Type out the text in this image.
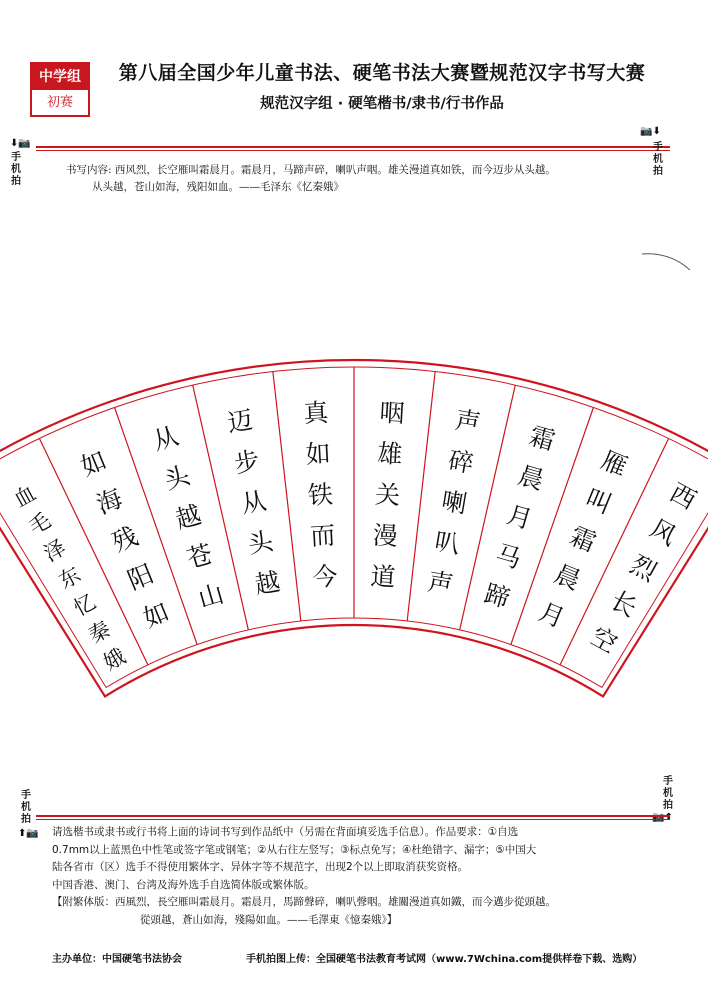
中学组
初赛
第八届全国少年儿童书法、硬笔书法大赛暨规范汉字书写大赛
规范汉字组 · 硬笔楷书/隶书/行书作品
⬇📷
手
机
拍
📷⬇
手
机
拍
书写内容: 西风烈，长空雁叫霜晨月。霜晨月，马蹄声碎，喇叭声咽。雄关漫道真如铁，而今迈步从头越。
从头越，苍山如海，残阳如血。——毛泽东《忆秦娥》
西
风
烈
长
空
雁
叫
霜
晨
月
霜
晨
月
马
蹄
声
碎
喇
叭
声
咽
雄
关
漫
道
真
如
铁
而
今
迈
步
从
头
越
从
头
越
苍
山
如
海
残
阳
如
血
毛
泽
东
忆
秦
娥
手
机
拍
⬆📷
手
机
拍
📷⬆

请选楷书或隶书或行书将上面的诗词书写到作品纸中（另需在背面填妥选手信息）。作品要求：①自选

0.7mm以上蓝黑色中性笔或签字笔或钢笔；②从右往左竖写；③标点免写；④杜绝错字、漏字；⑤中国大

陆各省市（区）选手不得使用繁体字、异体字等不规范字，出现2个以上即取消获奖资格。

中国香港、澳门、台湾及海外选手自选简体版或繁体版。

【附繁体版：西風烈，長空雁叫霜晨月。霜晨月，馬蹄聲碎，喇叭聲咽。雄關漫道真如鐵，而今邁步從頭越。

從頭越，蒼山如海，殘陽如血。——毛澤東《憶秦娥》】

主办单位：中国硬笔书法协会	手机拍图上传：全国硬笔书法教育考试网（www.7Wchina.com提供样卷下载、选购）
